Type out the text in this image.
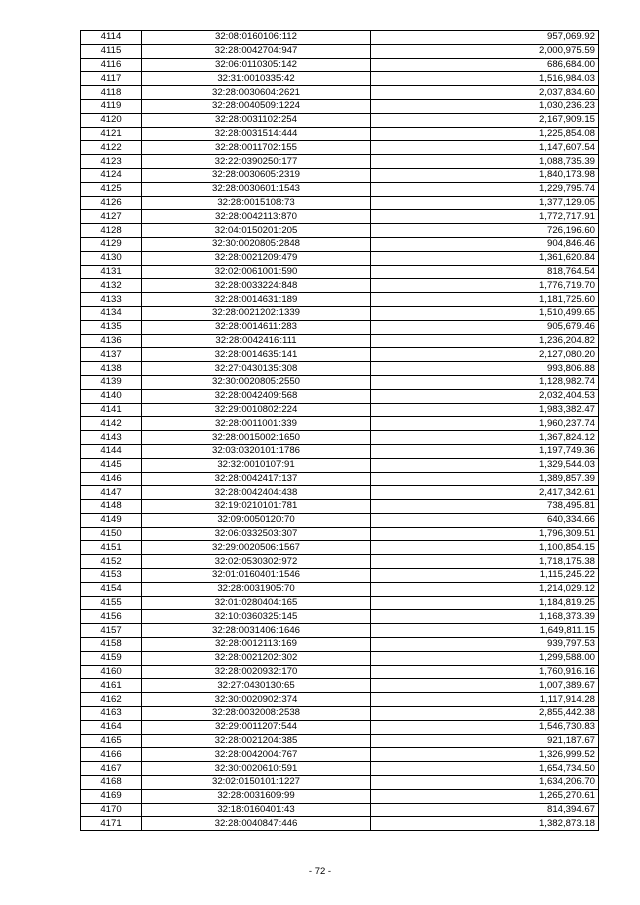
4114	32:08:0160106:112	957,069.92
4115	32:28:0042704:947	2,000,975.59
4116	32:06:0110305:142	686,684.00
4117	32:31:0010335:42	1,516,984.03
4118	32:28:0030604:2621	2,037,834.60
4119	32:28:0040509:1224	1,030,236.23
4120	32:28:0031102:254	2,167,909.15
4121	32:28:0031514:444	1,225,854.08
4122	32:28:0011702:155	1,147,607.54
4123	32:22:0390250:177	1,088,735.39
4124	32:28:0030605:2319	1,840,173.98
4125	32:28:0030601:1543	1,229,795.74
4126	32:28:0015108:73	1,377,129.05
4127	32:28:0042113:870	1,772,717.91
4128	32:04:0150201:205	726,196.60
4129	32:30:0020805:2848	904,846.46
4130	32:28:0021209:479	1,361,620.84
4131	32:02:0061001:590	818,764.54
4132	32:28:0033224:848	1,776,719.70
4133	32:28:0014631:189	1,181,725.60
4134	32:28:0021202:1339	1,510,499.65
4135	32:28:0014611:283	905,679.46
4136	32:28:0042416:111	1,236,204.82
4137	32:28:0014635:141	2,127,080.20
4138	32:27:0430135:308	993,806.88
4139	32:30:0020805:2550	1,128,982.74
4140	32:28:0042409:568	2,032,404.53
4141	32:29:0010802:224	1,983,382.47
4142	32:28:0011001:339	1,960,237.74
4143	32:28:0015002:1650	1,367,824.12
4144	32:03:0320101:1786	1,197,749.36
4145	32:32:0010107:91	1,329,544.03
4146	32:28:0042417:137	1,389,857.39
4147	32:28:0042404:438	2,417,342.61
4148	32:19:0210101:781	738,495.81
4149	32:09:0050120:70	640,334.66
4150	32:06:0332503:307	1,796,309.51
4151	32:29:0020506:1567	1,100,854.15
4152	32:02:0530302:972	1,718,175.38
4153	32:01:0160401:1546	1,115,245.22
4154	32:28:0031905:70	1,214,029.12
4155	32:01:0280404:165	1,184,819.25
4156	32:10:0360325:145	1,168,373.39
4157	32:28:0031406:1646	1,649,811.15
4158	32:28:0012113:169	939,797.53
4159	32:28:0021202:302	1,299,588.00
4160	32:28:0020932:170	1,760,916.16
4161	32:27:0430130:65	1,007,389.67
4162	32:30:0020902:374	1,117,914.28
4163	32:28:0032008:2538	2,855,442.38
4164	32:29:0011207:544	1,546,730.83
4165	32:28:0021204:385	921,187.67
4166	32:28:0042004:767	1,326,999.52
4167	32:30:0020610:591	1,654,734.50
4168	32:02:0150101:1227	1,634,206.70
4169	32:28:0031609:99	1,265,270.61
4170	32:18:0160401:43	814,394.67
4171	32:28:0040847:446	1,382,873.18
- 72 -
